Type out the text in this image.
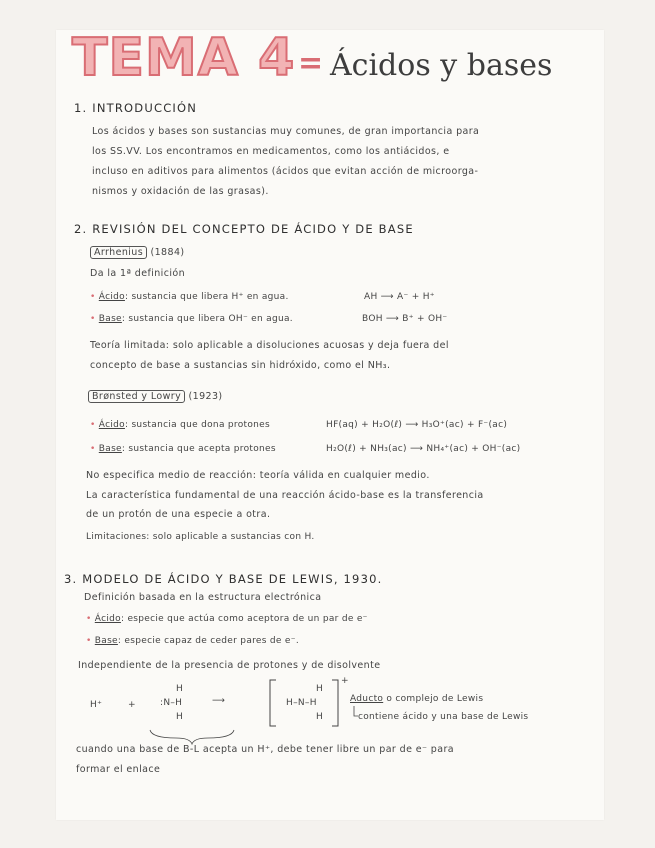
TEMA 4 = Ácidos y bases
1. INTRODUCCIÓN
Los ácidos y bases son sustancias muy comunes, de gran importancia para
los SS.VV. Los encontramos en medicamentos, como los antiácidos, e
incluso en aditivos para alimentos (ácidos que evitan acción de microorga-
nismos y oxidación de las grasas).
2. REVISIÓN DEL CONCEPTO DE ÁCIDO Y DE BASE
Arrhenius (1884)
Da la 1ª definición
• Ácido: sustancia que libera H⁺ en agua.	AH ⟶ A⁻ + H⁺
• Base: sustancia que libera OH⁻ en agua.	BOH ⟶ B⁺ + OH⁻
Teoría limitada: solo aplicable a disoluciones acuosas y deja fuera del
concepto de base a sustancias sin hidróxido, como el NH₃.
Brønsted y Lowry (1923)
• Ácido: sustancia que dona protones	HF(aq) + H₂O(ℓ) ⟶ H₃O⁺(ac) + F⁻(ac)
• Base: sustancia que acepta protones	H₂O(ℓ) + NH₃(ac) ⟶ NH₄⁺(ac) + OH⁻(ac)
No especifica medio de reacción: teoría válida en cualquier medio.
La característica fundamental de una reacción ácido-base es la transferencia
de un protón de una especie a otra.
Limitaciones: solo aplicable a sustancias con H.
3. MODELO DE ÁCIDO Y BASE DE LEWIS, 1930.
Definición basada en la estructura electrónica
• Ácido: especie que actúa como aceptora de un par de e⁻
• Base: especie capaz de ceder pares de e⁻.
Independiente de la presencia de protones y de disolvente
H⁺	+
H
:N–H
H
⟶
H
H–N–H
H
+
Aducto o complejo de Lewis
contiene ácido y una base de Lewis
cuando una base de B-L acepta un H⁺, debe tener libre un par de e⁻ para
formar el enlace
